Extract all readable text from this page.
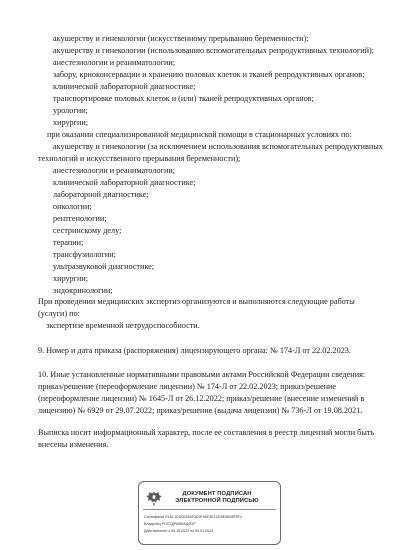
акушерству и гинекологии (искусственному прерыванию беременности);
акушерству и гинекологии (использованию вспомогательных репродуктивных технологий);
анестезиологии и реаниматологии;
забору, криоконсервации и хранению половых клеток и тканей репродуктивных органов;
клинической лабораторной диагностике;
транспортировке половых клеток и (или) тканей репродуктивных органов;
урологии;
хирургии;
при оказании специализированной медицинской помощи в стационарных условиях по:
акушерству и гинекологии (за исключением использования вспомогательных репродуктивных
технологий и искусственного прерывания беременности);
анестезиологии и реаниматологии;
клинической лабораторной диагностике;
лабораторной диагностике;
онкологии;
рентгенологии;
сестринскому делу;
терапии;
трансфузиологии;
ультразвуковой диагностике;
хирургии;
эндокринологии;
При проведении медицинских экспертиз организуются и выполняются следующие работы
(услуги) по:
экспертизе временной нетрудоспособности.
9. Номер и дата приказа (распоряжения) лицензирующего органа: № 174-Л от 22.02.2023.
10. Иные установленные нормативными правовыми актами Российской Федерации сведения:
приказ/решение (переоформление лицензии) № 174-Л от 22.02.2023; приказ/решение
(переоформление лицензии) № 1645-Л от 26.12.2022; приказ/решение (внесение изменений в
лицензию) № 6929 от 29.07.2022; приказ/решение (выдача лицензии) № 736-Л от 19.08.2021.
Выписка носит информационный характер, после ее составления в реестр лицензий могли быть
внесены изменения.
ДОКУМЕНТ ПОДПИСАН
ЭЛЕКТРОННОЙ ПОДПИСЬЮ
Сертификат 0146 1ED0025AF3D9F9AF3E1CE5E5B28F8F4
Владелец РОСЗДРАВНАДЗОР
Действителен с 05.10.2022 по 05.01.2024
